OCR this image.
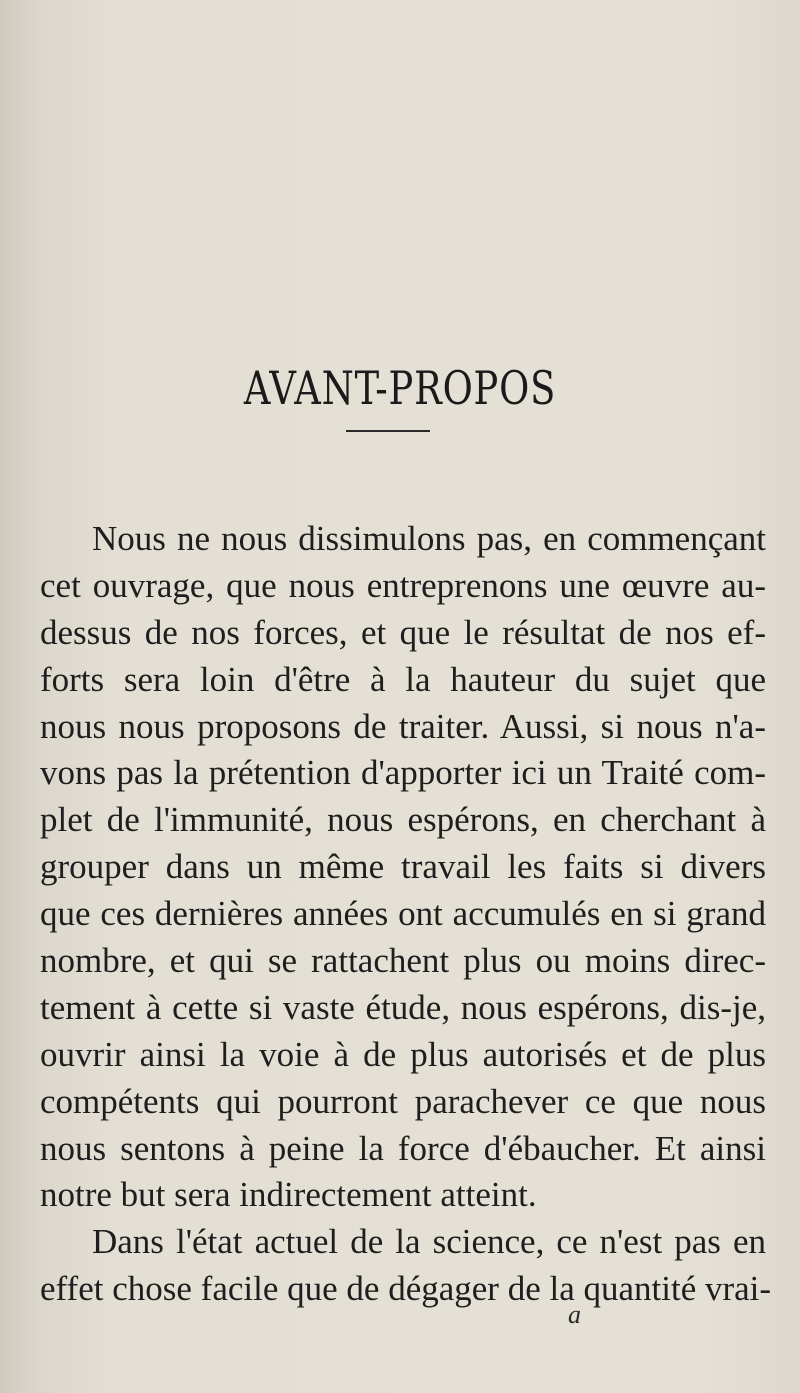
AVANT-PROPOS
Nous ne nous dissimulons pas, en commençant
cet ouvrage, que nous entreprenons une œuvre au-
dessus de nos forces, et que le résultat de nos ef-
forts sera loin d'être à la hauteur du sujet que
nous nous proposons de traiter. Aussi, si nous n'a-
vons pas la prétention d'apporter ici un Traité com-
plet de l'immunité, nous espérons, en cherchant à
grouper dans un même travail les faits si divers
que ces dernières années ont accumulés en si grand
nombre, et qui se rattachent plus ou moins direc-
tement à cette si vaste étude, nous espérons, dis-je,
ouvrir ainsi la voie à de plus autorisés et de plus
compétents qui pourront parachever ce que nous
nous sentons à peine la force d'ébaucher. Et ainsi
notre but sera indirectement atteint.
Dans l'état actuel de la science, ce n'est pas en
effet chose facile que de dégager de la quantité vrai-
a
